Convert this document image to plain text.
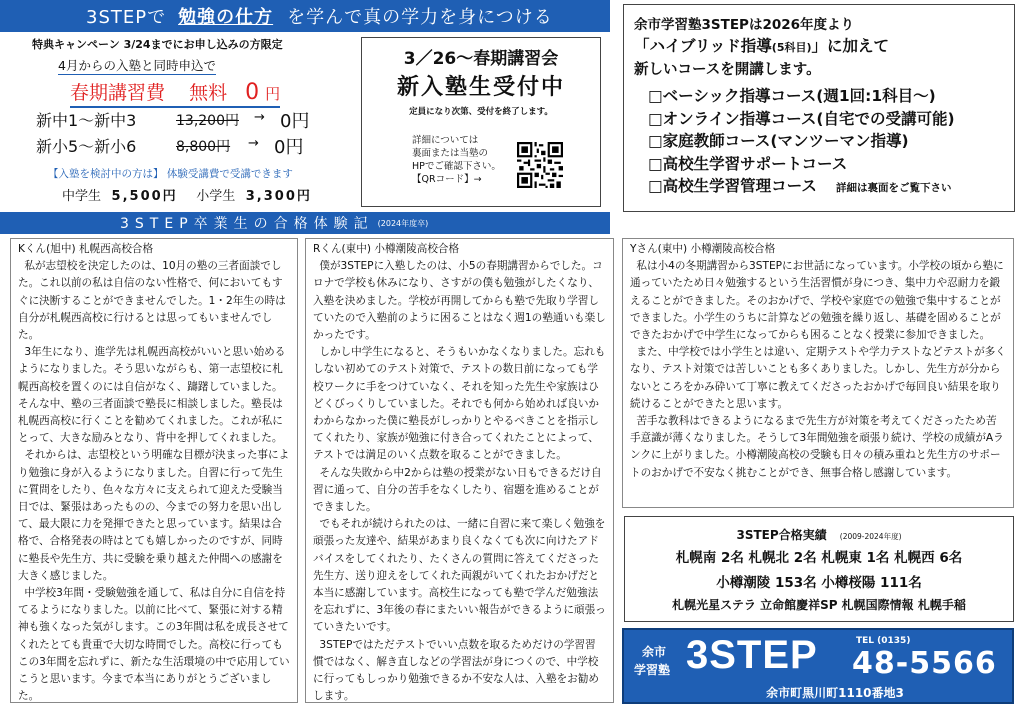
3STEPで 勉強の仕方 を学んで真の学力を身につける
特典キャンペーン 3/24までにお申し込みの方限定
4月からの入塾と同時申込で
春期講習費 無料 0 円
新中1〜新中3	13,200円 → 0円
新小5〜新小6	8,800円 → 0円
【入塾を検討中の方は】 体験受講費で受講できます
中学生 5,500円 小学生 3,300円
3／26〜春期講習会
新入塾生受付中
定員になり次第、受付を終了します。
詳細については
裏面または当塾の
HPでご確認下さい。
【QRコード】→
余市学習塾3STEPは2026年度より
「ハイブリッド指導(5科目)」に加えて
新しいコースを開講します。
□ベーシック指導コース(週1回:1科目〜)
□オンライン指導コース(自宅での受講可能)
□家庭教師コース(マンツーマン指導)
□高校生学習サポートコース
□高校生学習管理コース 詳細は裏面をご覧下さい
3STEP卒業生の合格体験記 (2024年度卒)
Kくん(旭中) 札幌西高校合格

私が志望校を決定したのは、10月の塾の三者面談でした。これ以前の私は自信のない性格で、何においてもすぐに決断することができませんでした。1・2年生の時は自分が札幌西高校に行けるとは思ってもいませんでした。

3年生になり、進学先は札幌西高校がいいと思い始めるようになりました。そう思いながらも、第一志望校に札幌西高校を置くのには自信がなく、躊躇していました。そんな中、塾の三者面談で塾長に相談しました。塾長は札幌西高校に行くことを勧めてくれました。これが私にとって、大きな励みとなり、背中を押してくれました。

それからは、志望校という明確な目標が決まった事により勉強に身が入るようになりました。自習に行って先生に質問をしたり、色々な方々に支えられて迎えた受験当日では、緊張はあったものの、今までの努力を思い出して、最大限に力を発揮できたと思っています。結果は合格で、合格発表の時はとても嬉しかったのですが、同時に塾長や先生方、共に受験を乗り越えた仲間への感謝を大きく感じました。

中学校3年間・受験勉強を通して、私は自分に自信を持てるようになりました。以前に比べて、緊張に対する精神も強くなった気がします。この3年間は私を成長させてくれたとても貴重で大切な時間でした。高校に行ってもこの3年間を忘れずに、新たな生活環境の中で応用していこうと思います。今まで本当にありがとうございました。

Rくん(東中) 小樽潮陵高校合格

僕が3STEPに入塾したのは、小5の春期講習からでした。コロナで学校も休みになり、さすがの僕も勉強がしたくなり、入塾を決めました。学校が再開してからも塾で先取り学習していたので入塾前のように困ることはなく週1の塾通いも楽しかったです。

しかし中学生になると、そうもいかなくなりました。忘れもしない初めてのテスト対策で、テストの数日前になっても学校ワークに手をつけていなく、それを知った先生や家族はひどくびっくりしていました。それでも何から始めれば良いかわからなかった僕に塾長がしっかりとやるべきことを指示してくれたり、家族が勉強に付き合ってくれたことによって、テストでは満足のいく点数を取ることができました。

そんな失敗から中2からは塾の授業がない日もできるだけ自習に通って、自分の苦手をなくしたり、宿題を進めることができました。

でもそれが続けられたのは、一緒に自習に来て楽しく勉強を頑張った友達や、結果があまり良くなくても次に向けたアドバイスをしてくれたり、たくさんの質問に答えてくださった先生方、送り迎えをしてくれた両親がいてくれたおかげだと本当に感謝しています。高校生になっても塾で学んだ勉強法を忘れずに、3年後の春にまたいい報告ができるように頑張っていきたいです。

3STEPではただテストでいい点数を取るためだけの学習習慣ではなく、解き直しなどの学習法が身につくので、中学校に行ってもしっかり勉強できるか不安な人は、入塾をお勧めします。

Yさん(東中) 小樽潮陵高校合格

私は小4の冬期講習から3STEPにお世話になっています。小学校の頃から塾に通っていたため日々勉強するという生活習慣が身につき、集中力や忍耐力を鍛えることができました。そのおかげで、学校や家庭での勉強で集中することができました。小学生のうちに計算などの勉強を繰り返し、基礎を固めることができたおかげで中学生になってからも困ることなく授業に参加できました。

また、中学校では小学生とは違い、定期テストや学力テストなどテストが多くなり、テスト対策では苦しいことも多くありました。しかし、先生方が分からないところをかみ砕いて丁寧に教えてくださったおかげで毎回良い結果を取り続けることができたと思います。

苦手な教科はできるようになるまで先生方が対策を考えてくださったため苦手意識が薄くなりました。そうして3年間勉強を頑張り続け、学校の成績がAランクに上がりました。小樽潮陵高校の受験も日々の積み重ねと先生方のサポートのおかげで不安なく挑むことができ、無事合格し感謝しています。

3STEP合格実績 (2009-2024年度)
札幌南 2名 札幌北 2名 札幌東 1名 札幌西 6名
小樽潮陵 153名 小樽桜陽 111名
札幌光星ステラ 立命館慶祥SP 札幌国際情報 札幌手稲
余市
学習塾 3STEP	TEL (0135)
48-5566
余市町黒川町1110番地3
